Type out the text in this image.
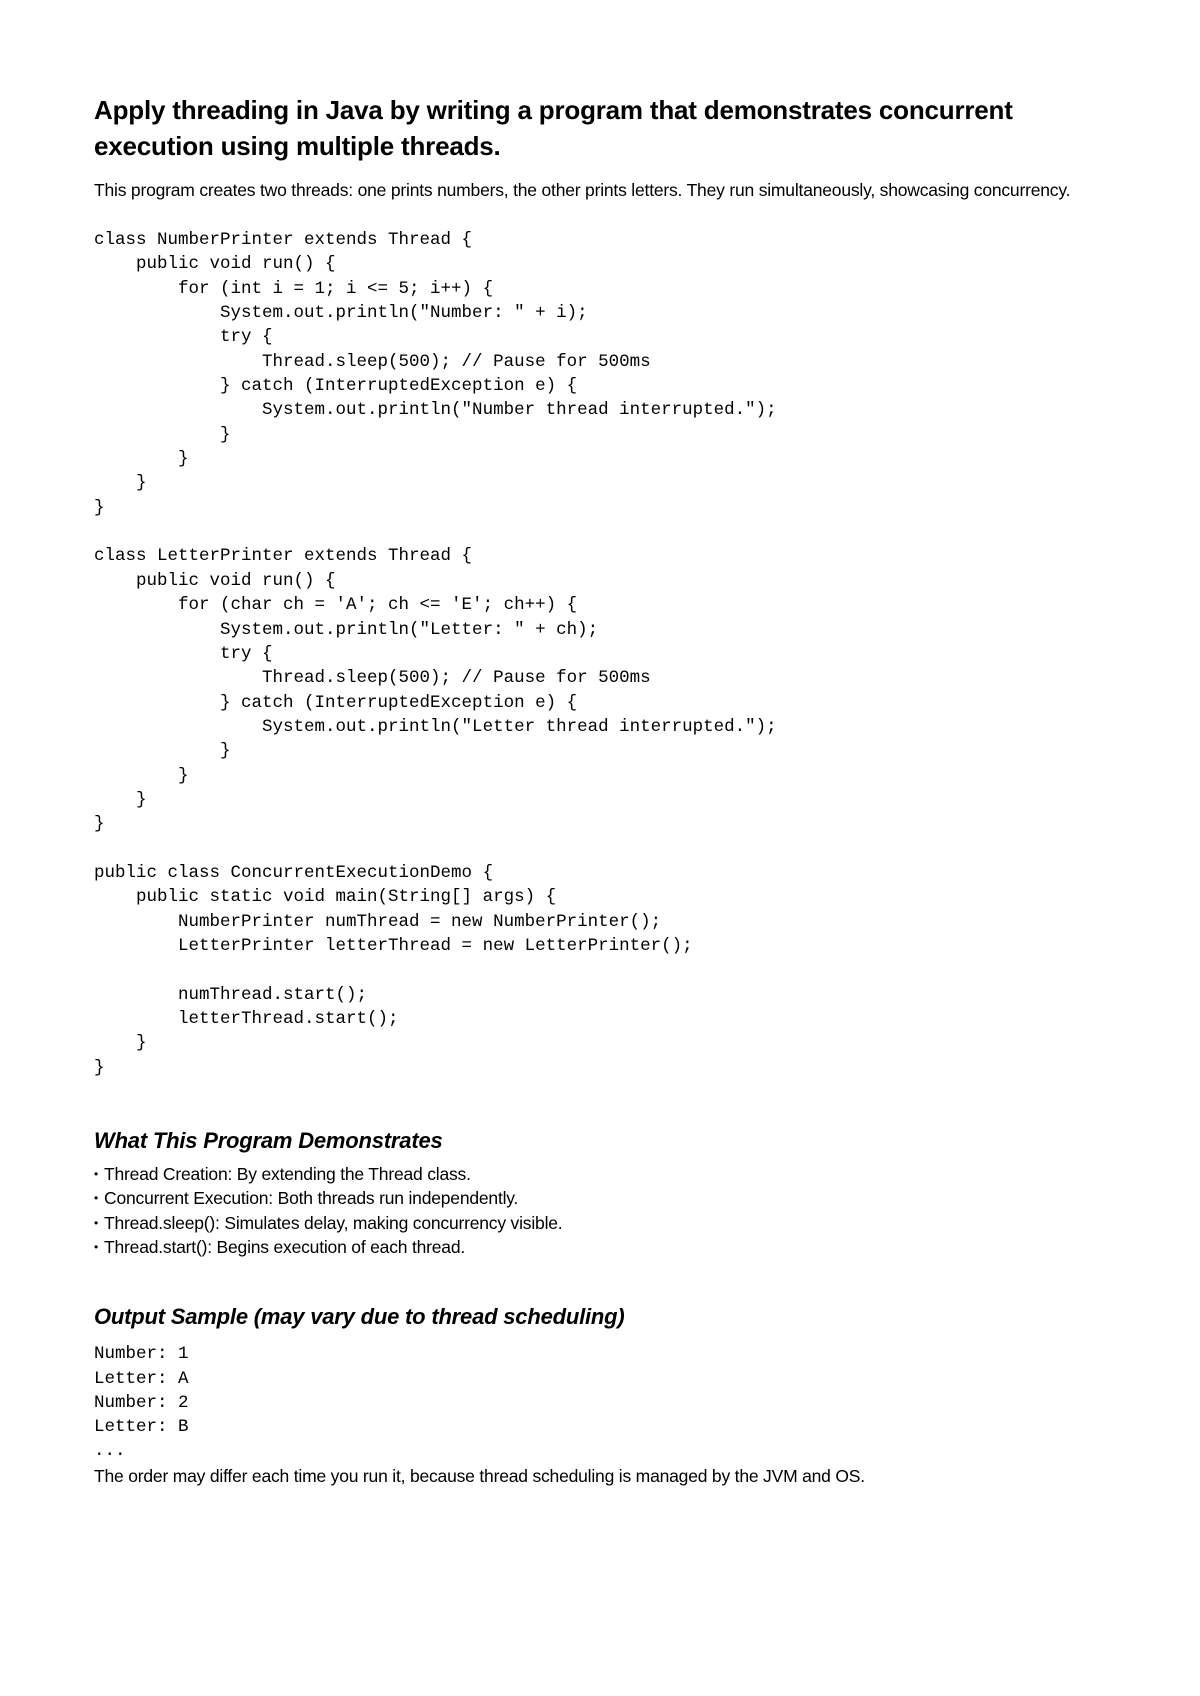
Apply threading in Java by writing a program that demonstrates concurrent execution using multiple threads.

This program creates two threads: one prints numbers, the other prints letters. They run simultaneously, showcasing concurrency.

class NumberPrinter extends Thread {
public void run() {
for (int i = 1; i <= 5; i++) {
System.out.println("Number: " + i);
try {
Thread.sleep(500); // Pause for 500ms
} catch (InterruptedException e) {
System.out.println("Number thread interrupted.");
}
}
}
}
class LetterPrinter extends Thread {
public void run() {
for (char ch = 'A'; ch <= 'E'; ch++) {
System.out.println("Letter: " + ch);
try {
Thread.sleep(500); // Pause for 500ms
} catch (InterruptedException e) {
System.out.println("Letter thread interrupted.");
}
}
}
}
public class ConcurrentExecutionDemo {
public static void main(String[] args) {
NumberPrinter numThread = new NumberPrinter();
LetterPrinter letterThread = new LetterPrinter();
numThread.start();
letterThread.start();
}
}
What This Program Demonstrates
• Thread Creation: By extending the Thread class.
• Concurrent Execution: Both threads run independently.
• Thread.sleep(): Simulates delay, making concurrency visible.
• Thread.start(): Begins execution of each thread.
Output Sample (may vary due to thread scheduling)
Number: 1
Letter: A
Number: 2
Letter: B
...

The order may differ each time you run it, because thread scheduling is managed by the JVM and OS.
